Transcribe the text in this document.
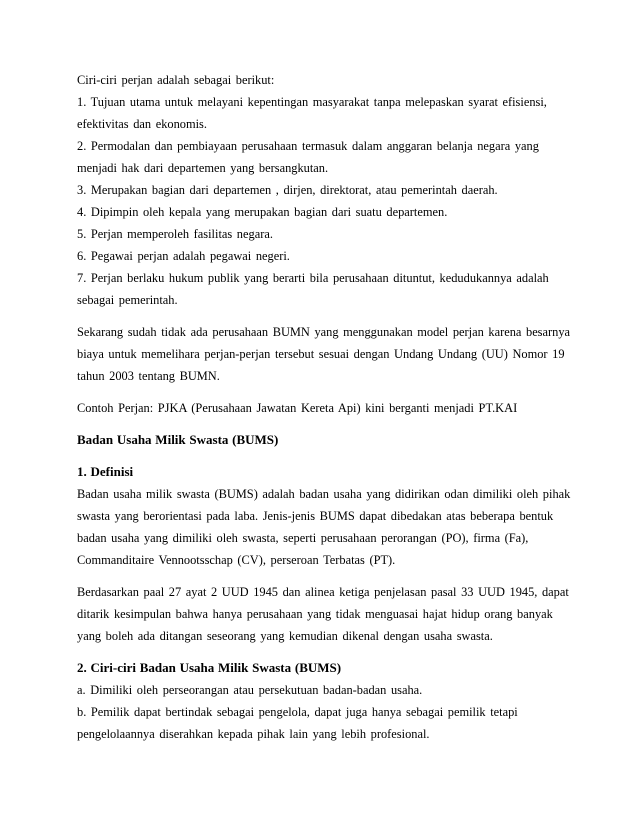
Ciri-ciri perjan adalah sebagai berikut:
1. Tujuan utama untuk melayani kepentingan masyarakat tanpa melepaskan syarat efisiensi,
efektivitas dan ekonomis.
2. Permodalan dan pembiayaan perusahaan termasuk dalam anggaran belanja negara yang
menjadi hak dari departemen yang bersangkutan.
3. Merupakan bagian dari departemen , dirjen, direktorat, atau pemerintah daerah.
4. Dipimpin oleh kepala yang merupakan bagian dari suatu departemen.
5. Perjan memperoleh fasilitas negara.
6. Pegawai perjan adalah pegawai negeri.
7. Perjan berlaku hukum publik yang berarti bila perusahaan dituntut, kedudukannya adalah
sebagai pemerintah.
Sekarang sudah tidak ada perusahaan BUMN yang menggunakan model perjan karena besarnya
biaya untuk memelihara perjan-perjan tersebut sesuai dengan Undang Undang (UU) Nomor 19
tahun 2003 tentang BUMN.
Contoh Perjan: PJKA (Perusahaan Jawatan Kereta Api) kini berganti menjadi PT.KAI
Badan Usaha Milik Swasta (BUMS)
1. Definisi
Badan usaha milik swasta (BUMS) adalah badan usaha yang didirikan odan dimiliki oleh pihak
swasta yang berorientasi pada laba. Jenis-jenis BUMS dapat dibedakan atas beberapa bentuk
badan usaha yang dimiliki oleh swasta, seperti perusahaan perorangan (PO), firma (Fa),
Commanditaire Vennootsschap (CV), perseroan Terbatas (PT).
Berdasarkan paal 27 ayat 2 UUD 1945 dan alinea ketiga penjelasan pasal 33 UUD 1945, dapat
ditarik kesimpulan bahwa hanya perusahaan yang tidak menguasai hajat hidup orang banyak
yang boleh ada ditangan seseorang yang kemudian dikenal dengan usaha swasta.
2. Ciri-ciri Badan Usaha Milik Swasta (BUMS)
a. Dimiliki oleh perseorangan atau persekutuan badan-badan usaha.
b. Pemilik dapat bertindak sebagai pengelola, dapat juga hanya sebagai pemilik tetapi
pengelolaannya diserahkan kepada pihak lain yang lebih profesional.
